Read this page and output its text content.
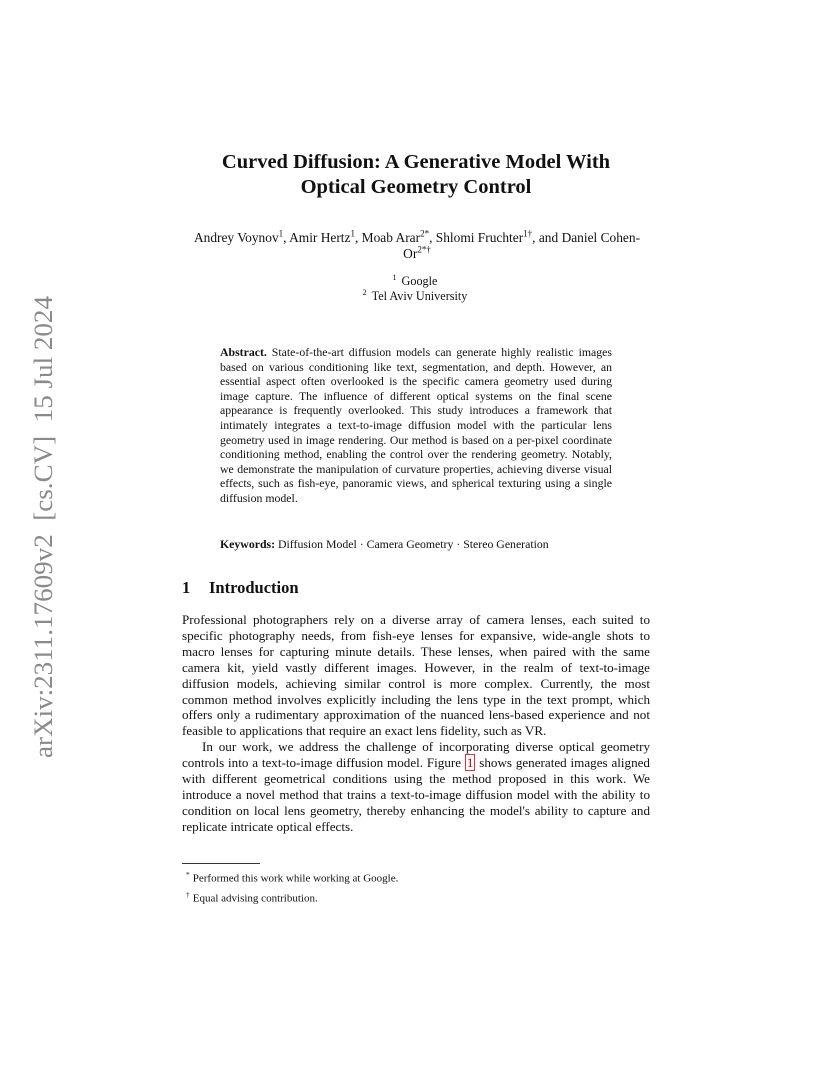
arXiv:2311.17609v2  [cs.CV]  15 Jul 2024
Curved Diffusion: A Generative Model With
Optical Geometry Control
Andrey Voynov$^1$, Amir Hertz$^1$, Moab Arar$^{2*}$, Shlomi Fruchter$^{1\dagger}$, and Daniel Cohen-$Or^{2*\dagger}$
$^1$ Google
$^2$ Tel Aviv University
Abstract. State-of-the-art diffusion models can generate highly realistic images based on various conditioning like text, segmentation, and depth. However, an essential aspect often overlooked is the specific camera geometry used during image capture. The influence of different optical systems on the final scene appearance is frequently overlooked. This study introduces a framework that intimately integrates a text-to-image diffusion model with the particular lens geometry used in image rendering. Our method is based on a per-pixel coordinate conditioning method, enabling the control over the rendering geometry. Notably, we demonstrate the manipulation of curvature properties, achieving diverse visual effects, such as fish-eye, panoramic views, and spherical texturing using a single diffusion model.
Keywords: Diffusion Model · Camera Geometry · Stereo Generation
1 Introduction

Professional photographers rely on a diverse array of camera lenses, each suited to specific photography needs, from fish-eye lenses for expansive, wide-angle shots to macro lenses for capturing minute details. These lenses, when paired with the same camera kit, yield vastly different images. However, in the realm of text-to-image diffusion models, achieving similar control is more complex. Currently, the most common method involves explicitly including the lens type in the text prompt, which offers only a rudimentary approximation of the nuanced lens-based experience and not feasible to applications that require an exact lens fidelity, such as VR.

In our work, we address the challenge of incorporating diverse optical geometry controls into a text-to-image diffusion model. Figure 1 shows generated images aligned with different geometrical conditions using the method proposed in this work. We introduce a novel method that trains a text-to-image diffusion model with the ability to condition on local lens geometry, thereby enhancing the model's ability to capture and replicate intricate optical effects.

* Performed this work while working at Google.
† Equal advising contribution.
